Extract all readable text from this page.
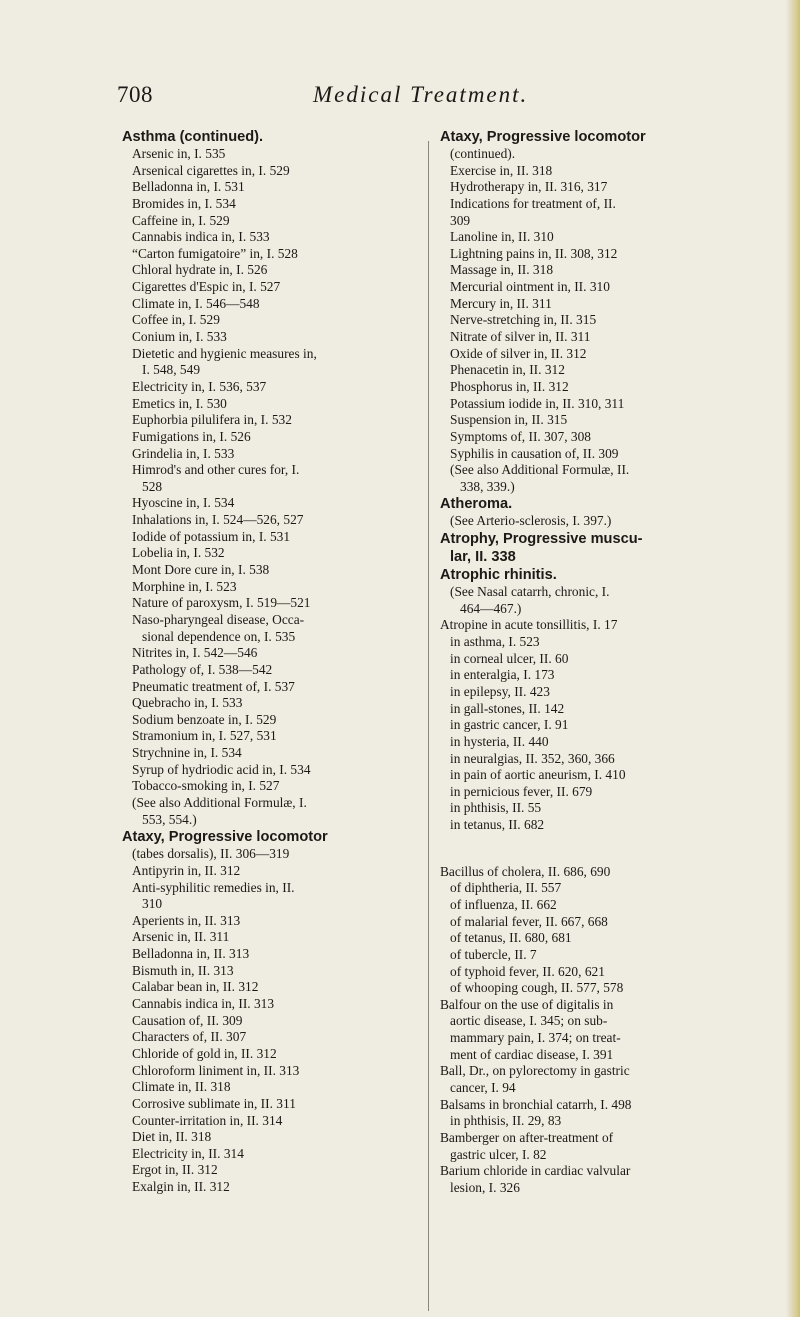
708	Medical Treatment.
Asthma (continued).
Arsenic in, I. 535
Arsenical cigarettes in, I. 529
Belladonna in, I. 531
Bromides in, I. 534
Caffeine in, I. 529
Cannabis indica in, I. 533
“Carton fumigatoire” in, I. 528
Chloral hydrate in, I. 526
Cigarettes d'Espic in, I. 527
Climate in, I. 546—548
Coffee in, I. 529
Conium in, I. 533
Dietetic and hygienic measures in,
I. 548, 549
Electricity in, I. 536, 537
Emetics in, I. 530
Euphorbia pilulifera in, I. 532
Fumigations in, I. 526
Grindelia in, I. 533
Himrod's and other cures for, I.
528
Hyoscine in, I. 534
Inhalations in, I. 524—526, 527
Iodide of potassium in, I. 531
Lobelia in, I. 532
Mont Dore cure in, I. 538
Morphine in, I. 523
Nature of paroxysm, I. 519—521
Naso-pharyngeal disease, Occa-
sional dependence on, I. 535
Nitrites in, I. 542—546
Pathology of, I. 538—542
Pneumatic treatment of, I. 537
Quebracho in, I. 533
Sodium benzoate in, I. 529
Stramonium in, I. 527, 531
Strychnine in, I. 534
Syrup of hydriodic acid in, I. 534
Tobacco-smoking in, I. 527
(See also Additional Formulæ, I.
553, 554.)
Ataxy, Progressive locomotor
(tabes dorsalis), II. 306—319
Antipyrin in, II. 312
Anti-syphilitic remedies in, II.
310
Aperients in, II. 313
Arsenic in, II. 311
Belladonna in, II. 313
Bismuth in, II. 313
Calabar bean in, II. 312
Cannabis indica in, II. 313
Causation of, II. 309
Characters of, II. 307
Chloride of gold in, II. 312
Chloroform liniment in, II. 313
Climate in, II. 318
Corrosive sublimate in, II. 311
Counter-irritation in, II. 314
Diet in, II. 318
Electricity in, II. 314
Ergot in, II. 312
Exalgin in, II. 312
Ataxy, Progressive locomotor
(continued).
Exercise in, II. 318
Hydrotherapy in, II. 316, 317
Indications for treatment of, II.
309
Lanoline in, II. 310
Lightning pains in, II. 308, 312
Massage in, II. 318
Mercurial ointment in, II. 310
Mercury in, II. 311
Nerve-stretching in, II. 315
Nitrate of silver in, II. 311
Oxide of silver in, II. 312
Phenacetin in, II. 312
Phosphorus in, II. 312
Potassium iodide in, II. 310, 311
Suspension in, II. 315
Symptoms of, II. 307, 308
Syphilis in causation of, II. 309
(See also Additional Formulæ, II.
338, 339.)
Atheroma.
(See Arterio-sclerosis, I. 397.)
Atrophy, Progressive muscu-
lar, II. 338
Atrophic rhinitis.
(See Nasal catarrh, chronic, I.
464—467.)
Atropine in acute tonsillitis, I. 17
in asthma, I. 523
in corneal ulcer, II. 60
in enteralgia, I. 173
in epilepsy, II. 423
in gall-stones, II. 142
in gastric cancer, I. 91
in hysteria, II. 440
in neuralgias, II. 352, 360, 366
in pain of aortic aneurism, I. 410
in pernicious fever, II. 679
in phthisis, II. 55
in tetanus, II. 682
Bacillus of cholera, II. 686, 690
of diphtheria, II. 557
of influenza, II. 662
of malarial fever, II. 667, 668
of tetanus, II. 680, 681
of tubercle, II. 7
of typhoid fever, II. 620, 621
of whooping cough, II. 577, 578
Balfour on the use of digitalis in
aortic disease, I. 345; on sub-
mammary pain, I. 374; on treat-
ment of cardiac disease, I. 391
Ball, Dr., on pylorectomy in gastric
cancer, I. 94
Balsams in bronchial catarrh, I. 498
in phthisis, II. 29, 83
Bamberger on after-treatment of
gastric ulcer, I. 82
Barium chloride in cardiac valvular
lesion, I. 326
